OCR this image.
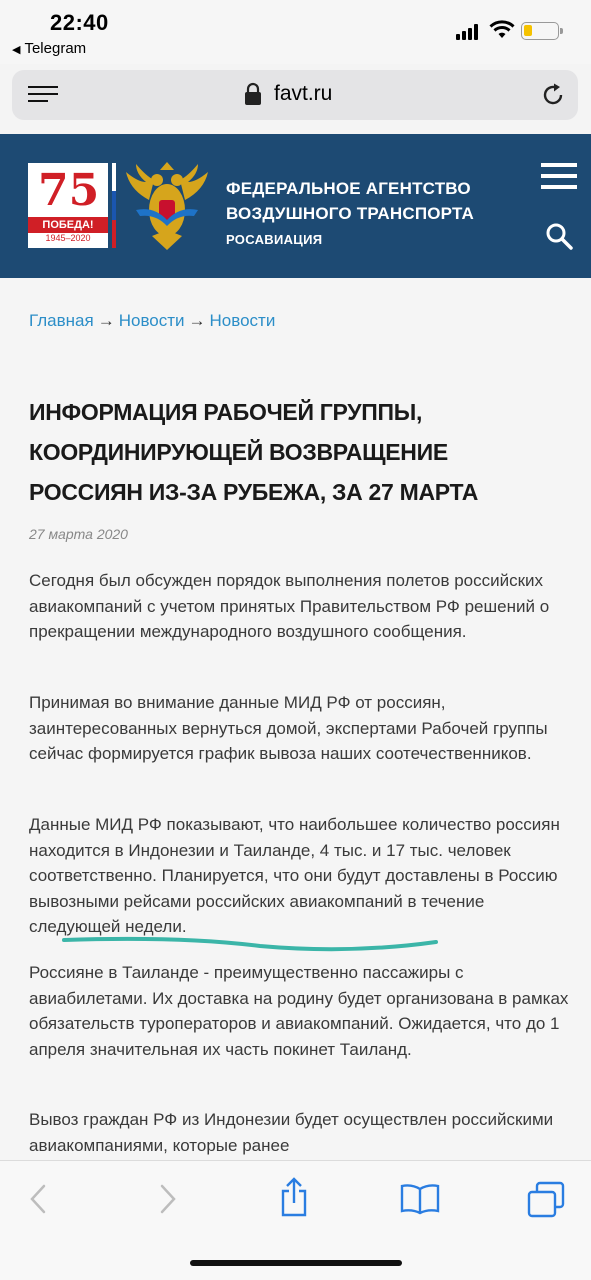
22:40
◀ Telegram
favt.ru
75
ПОБЕДА!
1945–2020
ФЕДЕРАЛЬНОЕ АГЕНТСТВО
ВОЗДУШНОГО ТРАНСПОРТА
РОСАВИАЦИЯ
Главная → Новости → Новости
ИНФОРМАЦИЯ РАБОЧЕЙ ГРУППЫ, КООРДИНИРУЮЩЕЙ ВОЗВРАЩЕНИЕ РОССИЯН ИЗ-ЗА РУБЕЖА, ЗА 27 МАРТА
27 марта 2020

Сегодня был обсужден порядок выполнения полетов российских авиакомпаний с учетом принятых Правительством РФ решений о прекращении международного воздушного сообщения.

Принимая во внимание данные МИД РФ от россиян, заинтересованных вернуться домой, экспертами Рабочей группы сейчас формируется график вывоза наших соотечественников.

Данные МИД РФ показывают, что наибольшее количество россиян находится в Индонезии и Таиланде, 4 тыс. и 17 тыс. человек соответственно. Планируется, что они будут доставлены в Россию вывозными рейсами российских авиакомпаний в течение следующей недели.

Россияне в Таиланде - преимущественно пассажиры с авиабилетами. Их доставка на родину будет организована в рамках обязательств туроператоров и авиакомпаний. Ожидается, что до 1 апреля значительная их часть покинет Таиланд.

Вывоз граждан РФ из Индонезии будет осуществлен российскими авиакомпаниями, которые ранее
